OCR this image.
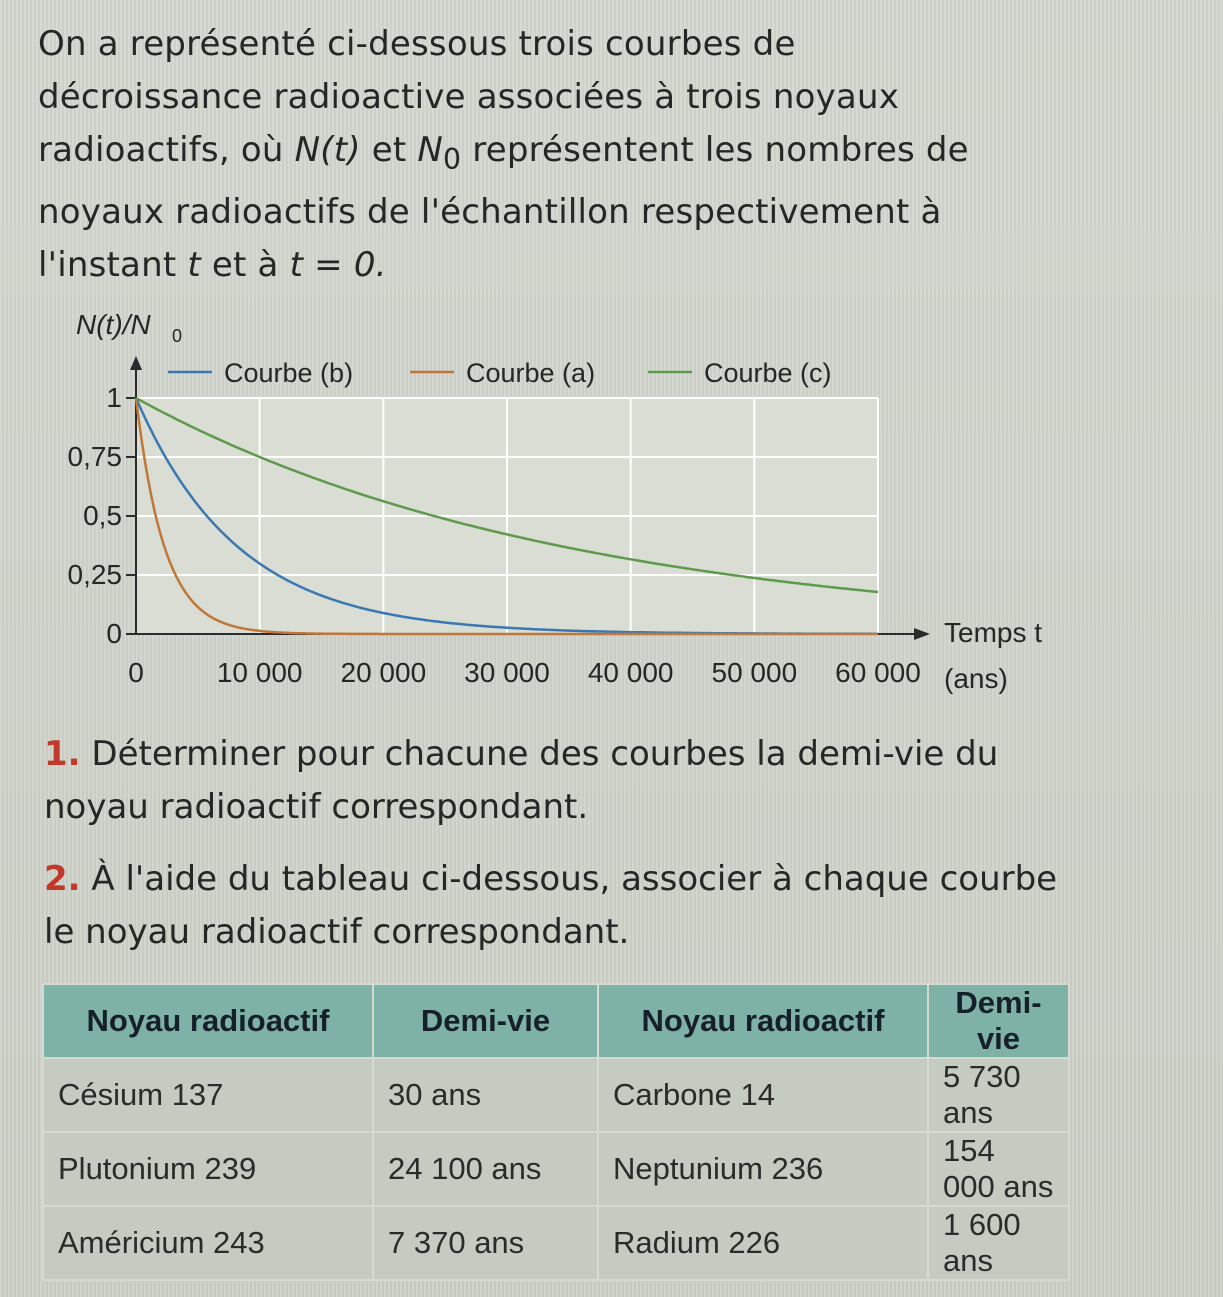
On a représenté ci-dessous trois courbes de

décroissance radioactive associées à trois noyaux

radioactifs, où N(t) et $N_0$ représentent les nombres de

noyaux radioactifs de l'échantillon respectivement à

l'instant t et à t = 0.

0
0,25
0,5
0,75
1
0	10 000 20 000 30 000 40 000 50 000 60 000
N(t)/N 0
Temps t
(ans)
Courbe (b)	Courbe (a)	Courbe (c)
1. Déterminer pour chacune des courbes la demi-vie du noyau radioactif correspondant.
2. À l'aide du tableau ci-dessous, associer à chaque courbe le noyau radioactif correspondant.
Noyau radioactif	Demi-vie	Noyau radioactif	Demi-vie
Césium 137	30 ans	Carbone 14	5 730 ans
Plutonium 239	24 100 ans	Neptunium 236	154 000 ans
Américium 243	7 370 ans	Radium 226	1 600 ans
